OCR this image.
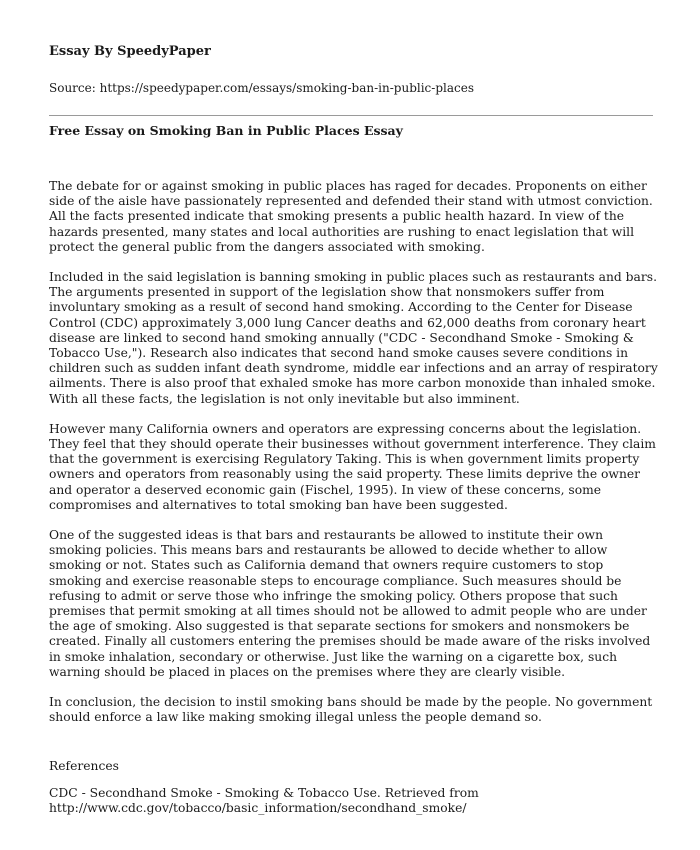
Essay By SpeedyPaper
Source: https://speedypaper.com/essays/smoking-ban-in-public-places
Free Essay on Smoking Ban in Public Places Essay

The debate for or against smoking in public places has raged for decades. Proponents on either side of the aisle have passionately represented and defended their stand with utmost conviction. All the facts presented indicate that smoking presents a public health hazard. In view of the hazards presented, many states and local authorities are rushing to enact legislation that will protect the general public from the dangers associated with smoking.

Included in the said legislation is banning smoking in public places such as restaurants and bars. The arguments presented in support of the legislation show that nonsmokers suffer from involuntary smoking as a result of second hand smoking. According to the Center for Disease Control (CDC) approximately 3,000 lung Cancer deaths and 62,000 deaths from coronary heart disease are linked to second hand smoking annually ("CDC - Secondhand Smoke - Smoking & Tobacco Use,"). Research also indicates that second hand smoke causes severe conditions in children such as sudden infant death syndrome, middle ear infections and an array of respiratory ailments. There is also proof that exhaled smoke has more carbon monoxide than inhaled smoke. With all these facts, the legislation is not only inevitable but also imminent.

However many California owners and operators are expressing concerns about the legislation. They feel that they should operate their businesses without government interference. They claim that the government is exercising Regulatory Taking. This is when government limits property owners and operators from reasonably using the said property. These limits deprive the owner and operator a deserved economic gain (Fischel, 1995). In view of these concerns, some compromises and alternatives to total smoking ban have been suggested.

One of the suggested ideas is that bars and restaurants be allowed to institute their own smoking policies. This means bars and restaurants be allowed to decide whether to allow smoking or not. States such as California demand that owners require customers to stop smoking and exercise reasonable steps to encourage compliance. Such measures should be refusing to admit or serve those who infringe the smoking policy. Others propose that such premises that permit smoking at all times should not be allowed to admit people who are under the age of smoking. Also suggested is that separate sections for smokers and nonsmokers be created. Finally all customers entering the premises should be made aware of the risks involved in smoke inhalation, secondary or otherwise. Just like the warning on a cigarette box, such warning should be placed in places on the premises where they are clearly visible.

In conclusion, the decision to instil smoking bans should be made by the people. No government should enforce a law like making smoking illegal unless the people demand so.

References
CDC - Secondhand Smoke - Smoking & Tobacco Use. Retrieved from http://www.cdc.gov/tobacco/basic_information/secondhand_smoke/
